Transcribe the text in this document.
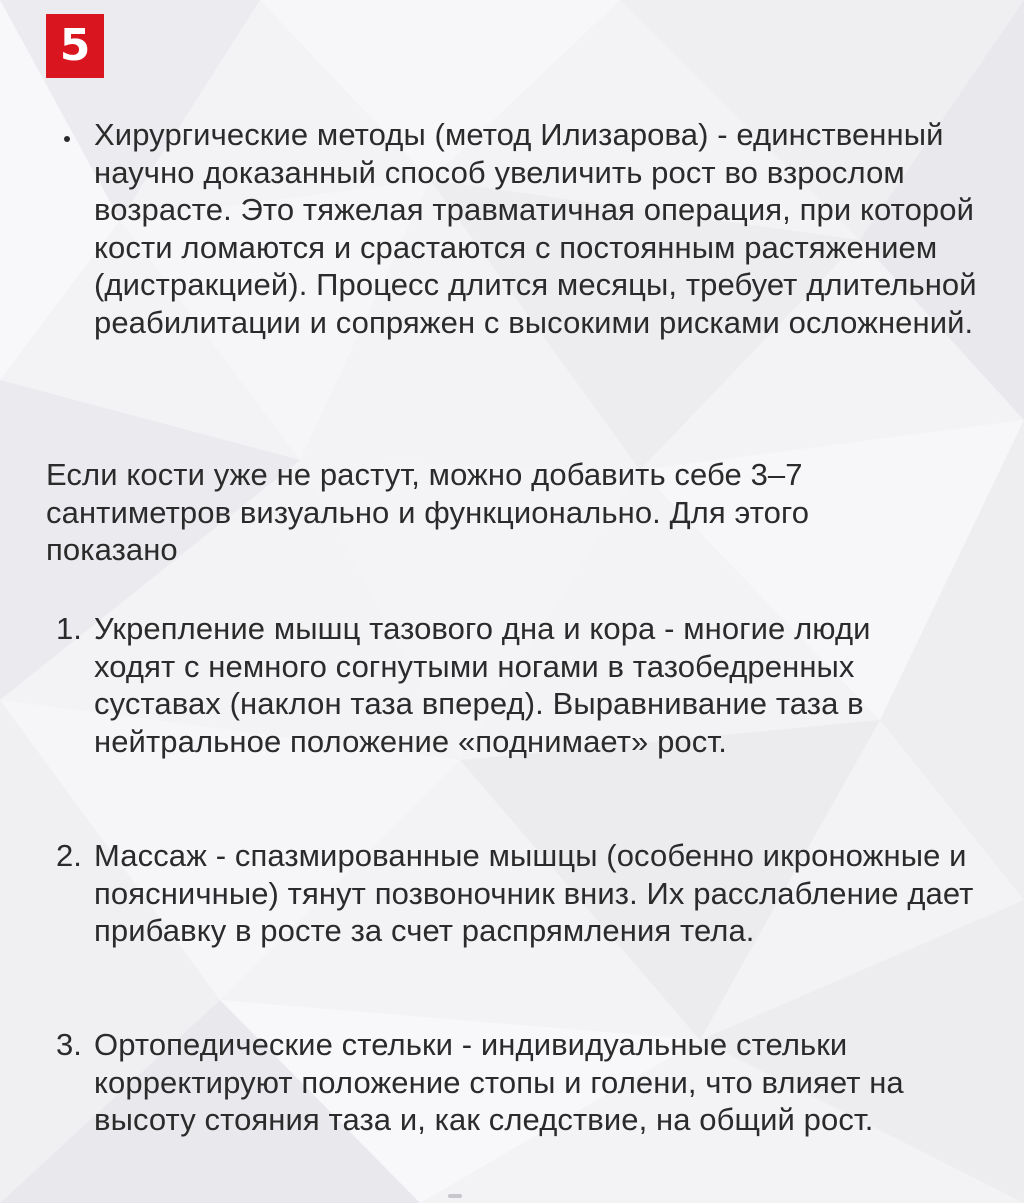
5

Хирургические методы (метод Илизарова) - единственный научно доказанный способ увеличить рост во взрослом возрасте. Это тяжелая травматичная операция, при которой кости ломаются и срастаются с постоянным растяжением (дистракцией). Процесс длится месяцы, требует длительной реабилитации и сопряжен с высокими рисками осложнений.

Если кости уже не растут, можно добавить себе 3–7 сантиметров визуально и функционально. Для этого показано

1. Укрепление мышц тазового дна и кора - многие люди ходят с немного согнутыми ногами в тазобедренных суставах (наклон таза вперед). Выравнивание таза в нейтральное положение «поднимает» рост.

2. Массаж - спазмированные мышцы (особенно икроножные и поясничные) тянут позвоночник вниз. Их расслабление дает прибавку в росте за счет распрямления тела.

3. Ортопедические стельки - индивидуальные стельки корректируют положение стопы и голени, что влияет на высоту стояния таза и, как следствие, на общий рост.
